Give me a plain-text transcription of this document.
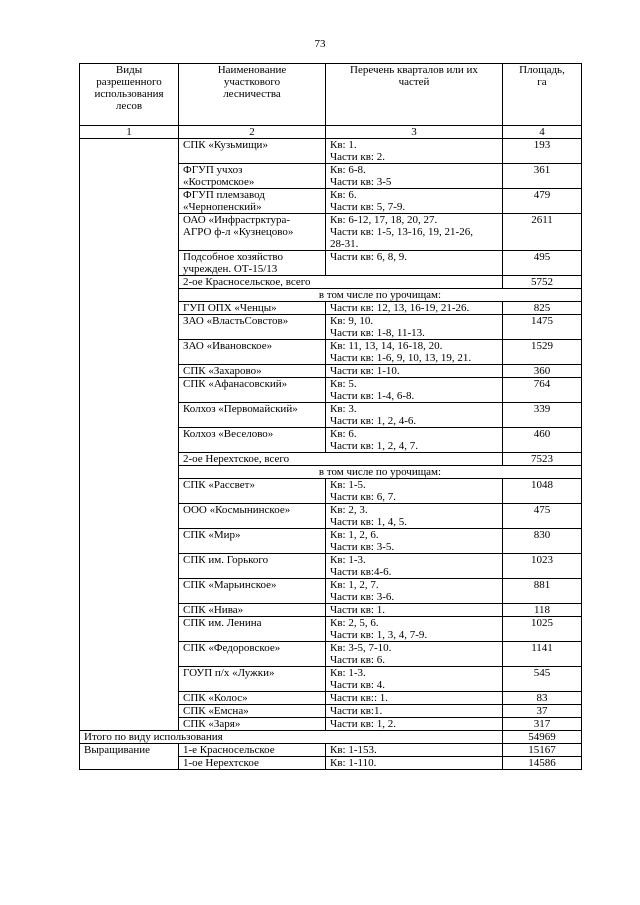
73
Виды
разрешенного
использования
лесов	Наименование
участкового
лесничества	Перечень кварталов или их
частей	Площадь,
га

1	2	3	4

	СПК «Кузьмищи»	Кв: 1.
Части кв: 2.	193

	ФГУП учхоз
«Костромское»	Кв: 6-8.
Части кв: 3-5	361

	ФГУП племзавод
«Чернопенский»	Кв: 6.
Части кв: 5, 7-9.	479

	ОАО «Инфрастрктура-
АГРО ф-л «Кузнецово»	Кв: 6-12, 17, 18, 20, 27.
Части кв: 1-5, 13-16, 19, 21-26,
28-31.	2611

	Подсобное хозяйство
учрежден. ОТ-15/13	Части кв: 6, 8, 9.	495
	2-ое Красносельское, всего		5752
	в том числе по урочищам:		

	ГУП ОПХ «Ченцы»	Части кв: 12, 13, 16-19, 21-26.	825

	ЗАО «ВластьСовстов»	Кв: 9, 10.
Части кв: 1-8, 11-13.	1475

	ЗАО «Ивановское»	Кв: 11, 13, 14, 16-18, 20.
Части кв: 1-6, 9, 10, 13, 19, 21.	1529

	СПК «Захарово»	Части кв: 1-10.	360

	СПК «Афанасовский»	Кв: 5.
Части кв: 1-4, 6-8.	764

	Колхоз «Первомайский»	Кв: 3.
Части кв: 1, 2, 4-6.	339

	Колхоз «Веселово»	Кв: 6.
Части кв: 1, 2, 4, 7.	460
	2-ое Нерехтское, всего		7523
	в том числе по урочищам:		

	СПК «Рассвет»	Кв: 1-5.
Части кв: 6, 7.	1048

	ООО «Космынинское»	Кв: 2, 3.
Части кв: 1, 4, 5.	475

	СПК «Мир»	Кв: 1, 2, 6.
Части кв: 3-5.	830

	СПК им. Горького	Кв: 1-3.
Части кв:4-6.	1023

	СПК «Марьинское»	Кв: 1, 2, 7.
Части кв: 3-6.	881

	СПК «Нива»	Части кв: 1.	118

	СПК им. Ленина	Кв: 2, 5, 6.
Части кв: 1, 3, 4, 7-9.	1025

	СПК «Федоровское»	Кв: 3-5, 7-10.
Части кв: 6.	1141

	ГОУП п/х «Лужки»	Кв: 1-3.
Части кв: 4.	545

	СПК «Колос»	Части кв:: 1.	83

	СПК «Емсна»	Части кв:1.	37

	СПК «Заря»	Части кв: 1, 2.	317
Итого по виду использования			54969
Выращивание	1-е Красносельское	Кв: 1-153.	15167
	1-ое Нерехтское	Кв: 1-110.	14586
